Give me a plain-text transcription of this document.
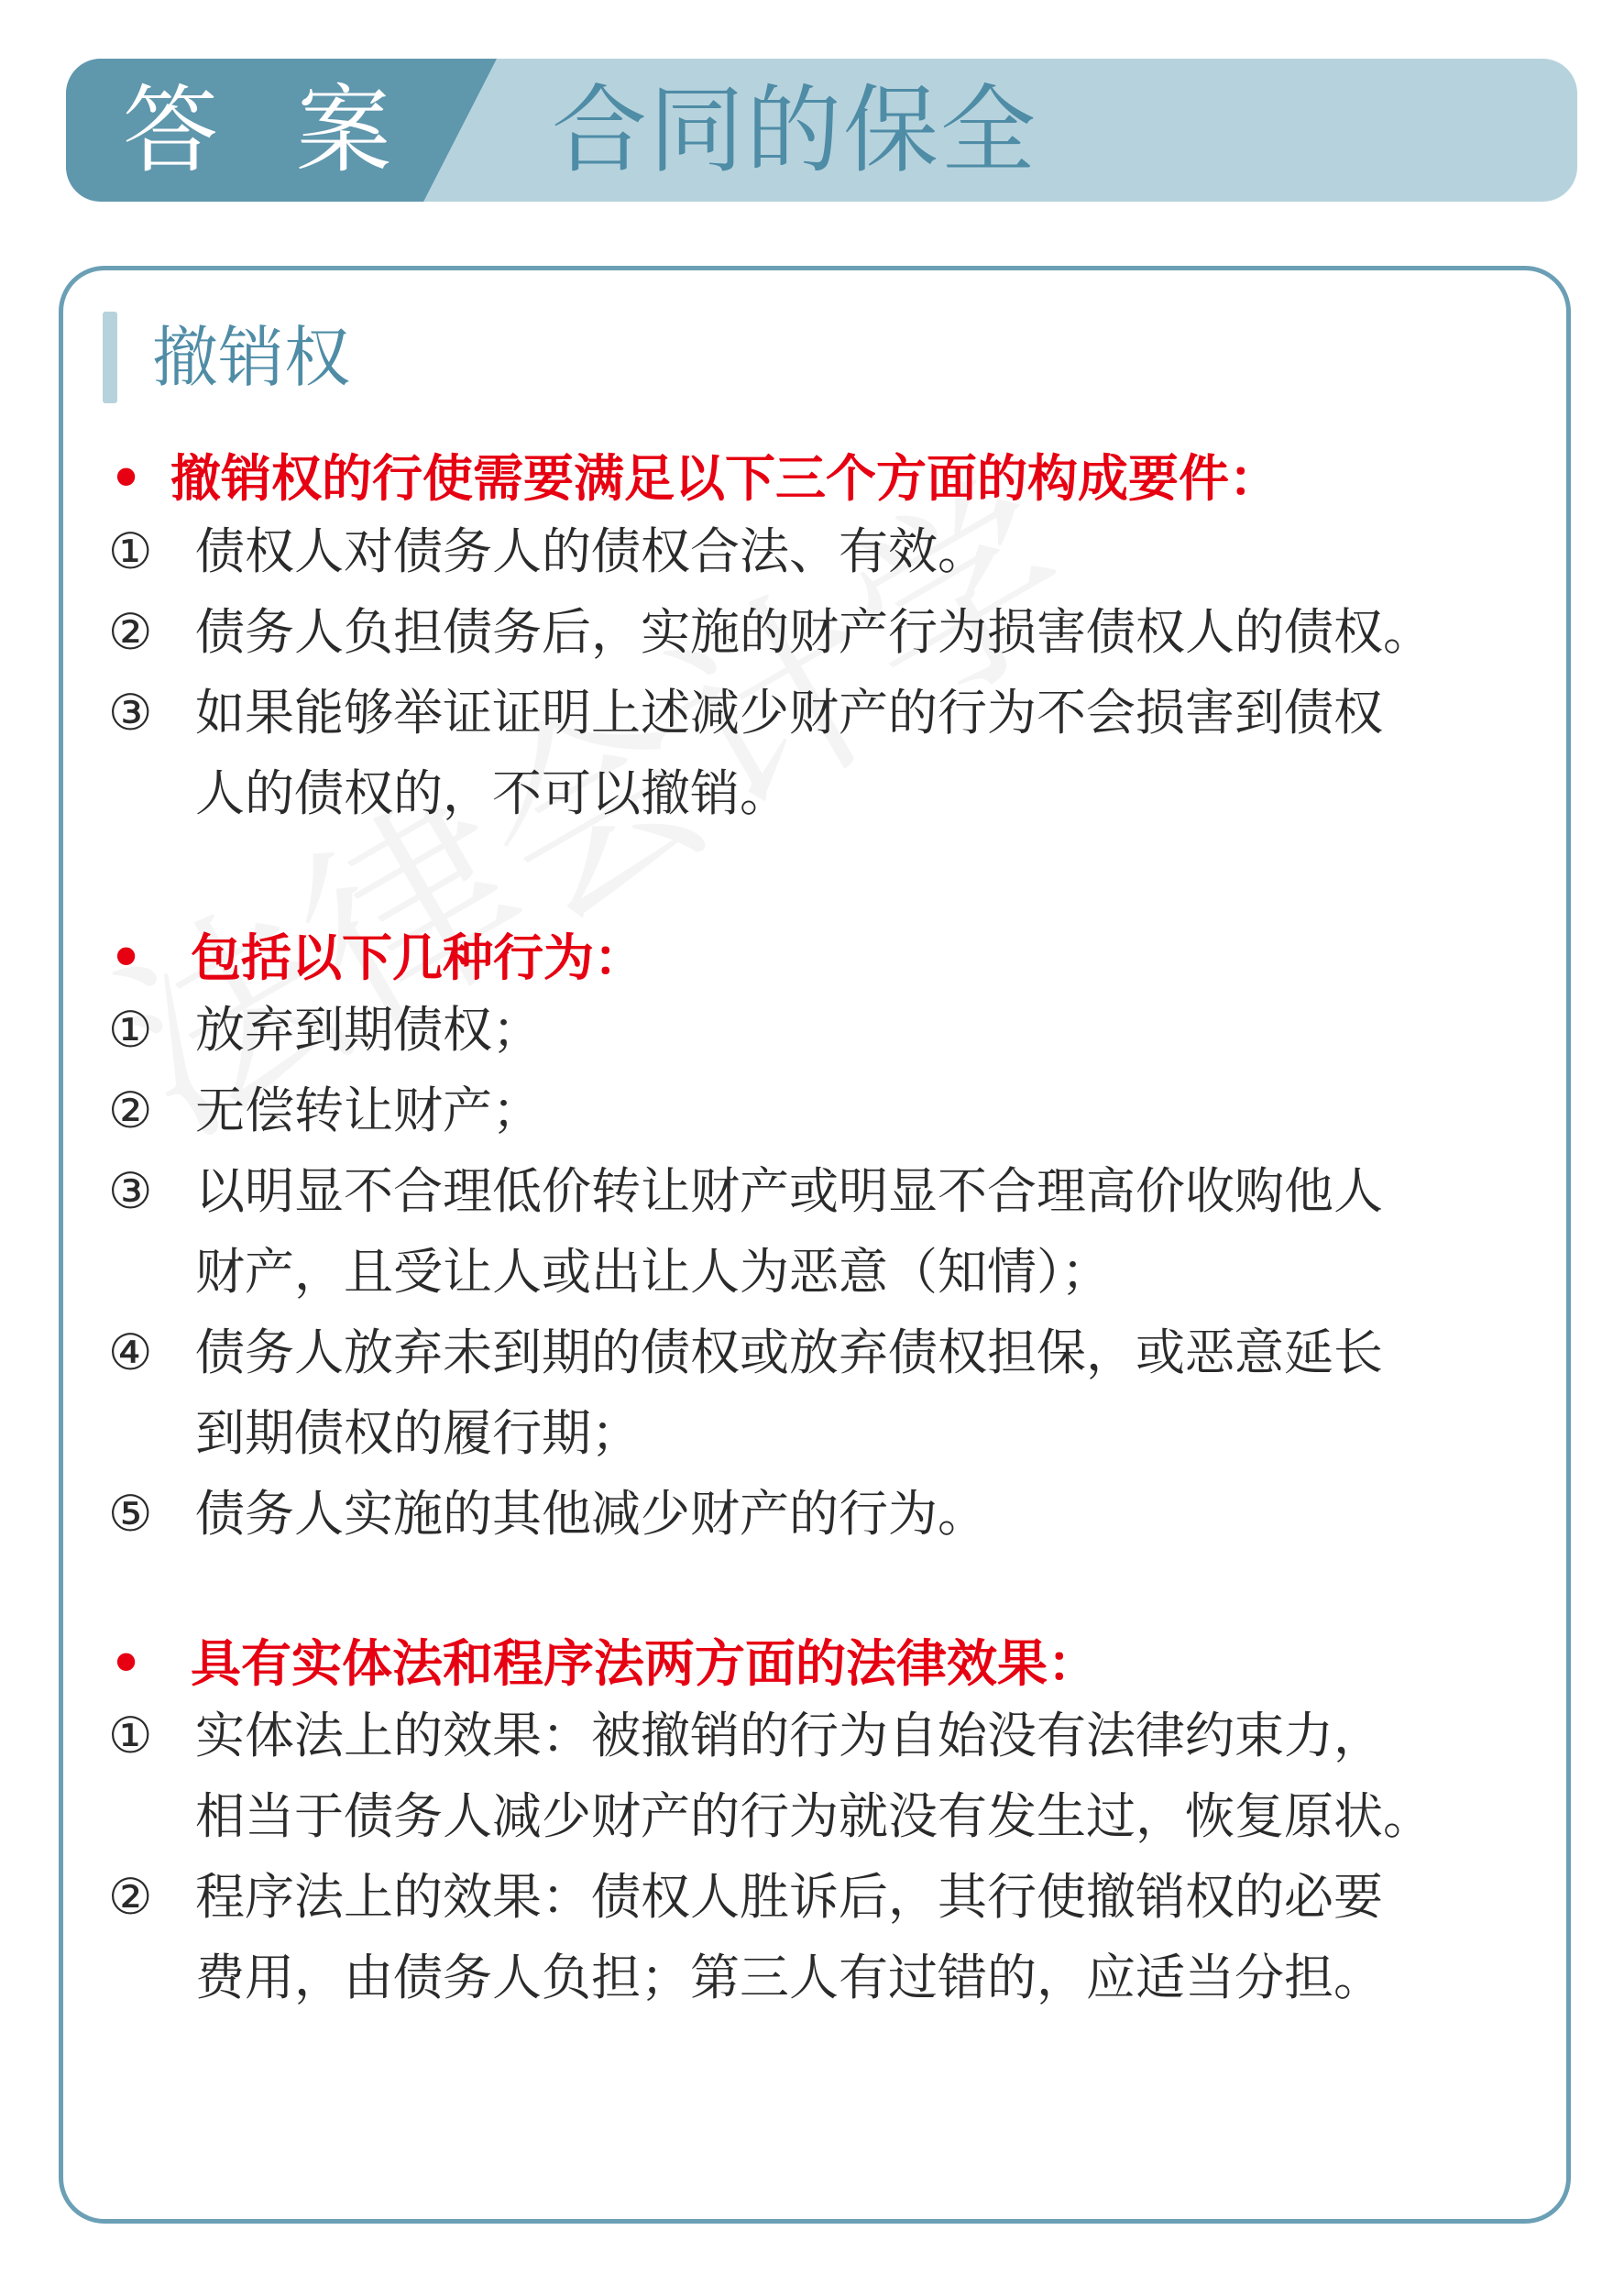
答 案 合同的保全
撤销权
• 撤销权的行使需要满足以下三个方面的构成要件：
① 债权人对债务人的债权合法、有效。
② 债务人负担债务后，实施的财产行为损害债权人的债权。
③ 如果能够举证证明上述减少财产的行为不会损害到债权
人的债权的，不可以撤销。
• 包括以下几种行为：
① 放弃到期债权；
② 无偿转让财产；
③ 以明显不合理低价转让财产或明显不合理高价收购他人
财产，且受让人或出让人为恶意（知情）；
④ 债务人放弃未到期的债权或放弃债权担保，或恶意延长
到期债权的履行期；
⑤ 债务人实施的其他减少财产的行为。
• 具有实体法和程序法两方面的法律效果：
① 实体法上的效果：被撤销的行为自始没有法律约束力，
相当于债务人减少财产的行为就没有发生过，恢复原状。
② 程序法上的效果：债权人胜诉后，其行使撤销权的必要
费用，由债务人负担；第三人有过错的，应适当分担。
